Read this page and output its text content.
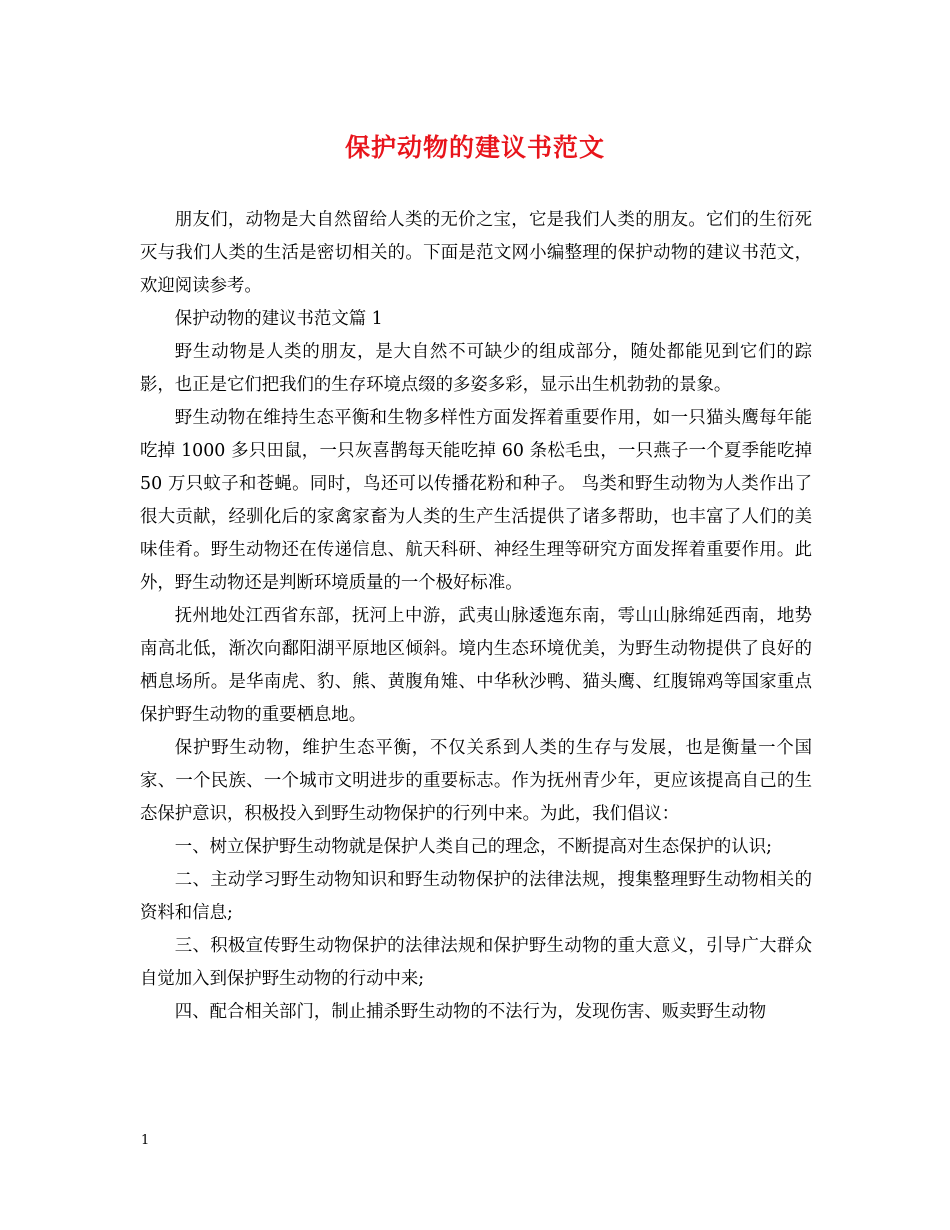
保护动物的建议书范文

朋友们，动物是大自然留给人类的无价之宝，它是我们人类的朋友。它们的生衍死灭与我们人类的生活是密切相关的。下面是范文网小编整理的保护动物的建议书范文，欢迎阅读参考。

保护动物的建议书范文篇 1

野生动物是人类的朋友，是大自然不可缺少的组成部分，随处都能见到它们的踪影，也正是它们把我们的生存环境点缀的多姿多彩，显示出生机勃勃的景象。

野生动物在维持生态平衡和生物多样性方面发挥着重要作用，如一只猫头鹰每年能吃掉 1000 多只田鼠，一只灰喜鹊每天能吃掉 60 条松毛虫，一只燕子一个夏季能吃掉 50 万只蚊子和苍蝇。同时，鸟还可以传播花粉和种子。 鸟类和野生动物为人类作出了很大贡献，经驯化后的家禽家畜为人类的生产生活提供了诸多帮助，也丰富了人们的美味佳肴。野生动物还在传递信息、航天科研、神经生理等研究方面发挥着重要作用。此外，野生动物还是判断环境质量的一个极好标准。

抚州地处江西省东部，抚河上中游，武夷山脉逶迤东南，雩山山脉绵延西南，地势南高北低，渐次向鄱阳湖平原地区倾斜。境内生态环境优美，为野生动物提供了良好的栖息场所。是华南虎、豹、熊、黄腹角雉、中华秋沙鸭、猫头鹰、红腹锦鸡等国家重点保护野生动物的重要栖息地。

保护野生动物，维护生态平衡，不仅关系到人类的生存与发展，也是衡量一个国家、一个民族、一个城市文明进步的重要标志。作为抚州青少年，更应该提高自己的生态保护意识，积极投入到野生动物保护的行列中来。为此，我们倡议：

一、树立保护野生动物就是保护人类自己的理念，不断提高对生态保护的认识;

二、主动学习野生动物知识和野生动物保护的法律法规，搜集整理野生动物相关的资料和信息;

三、积极宣传野生动物保护的法律法规和保护野生动物的重大意义，引导广大群众自觉加入到保护野生动物的行动中来;

四、配合相关部门，制止捕杀野生动物的不法行为，发现伤害、贩卖野生动物

1
